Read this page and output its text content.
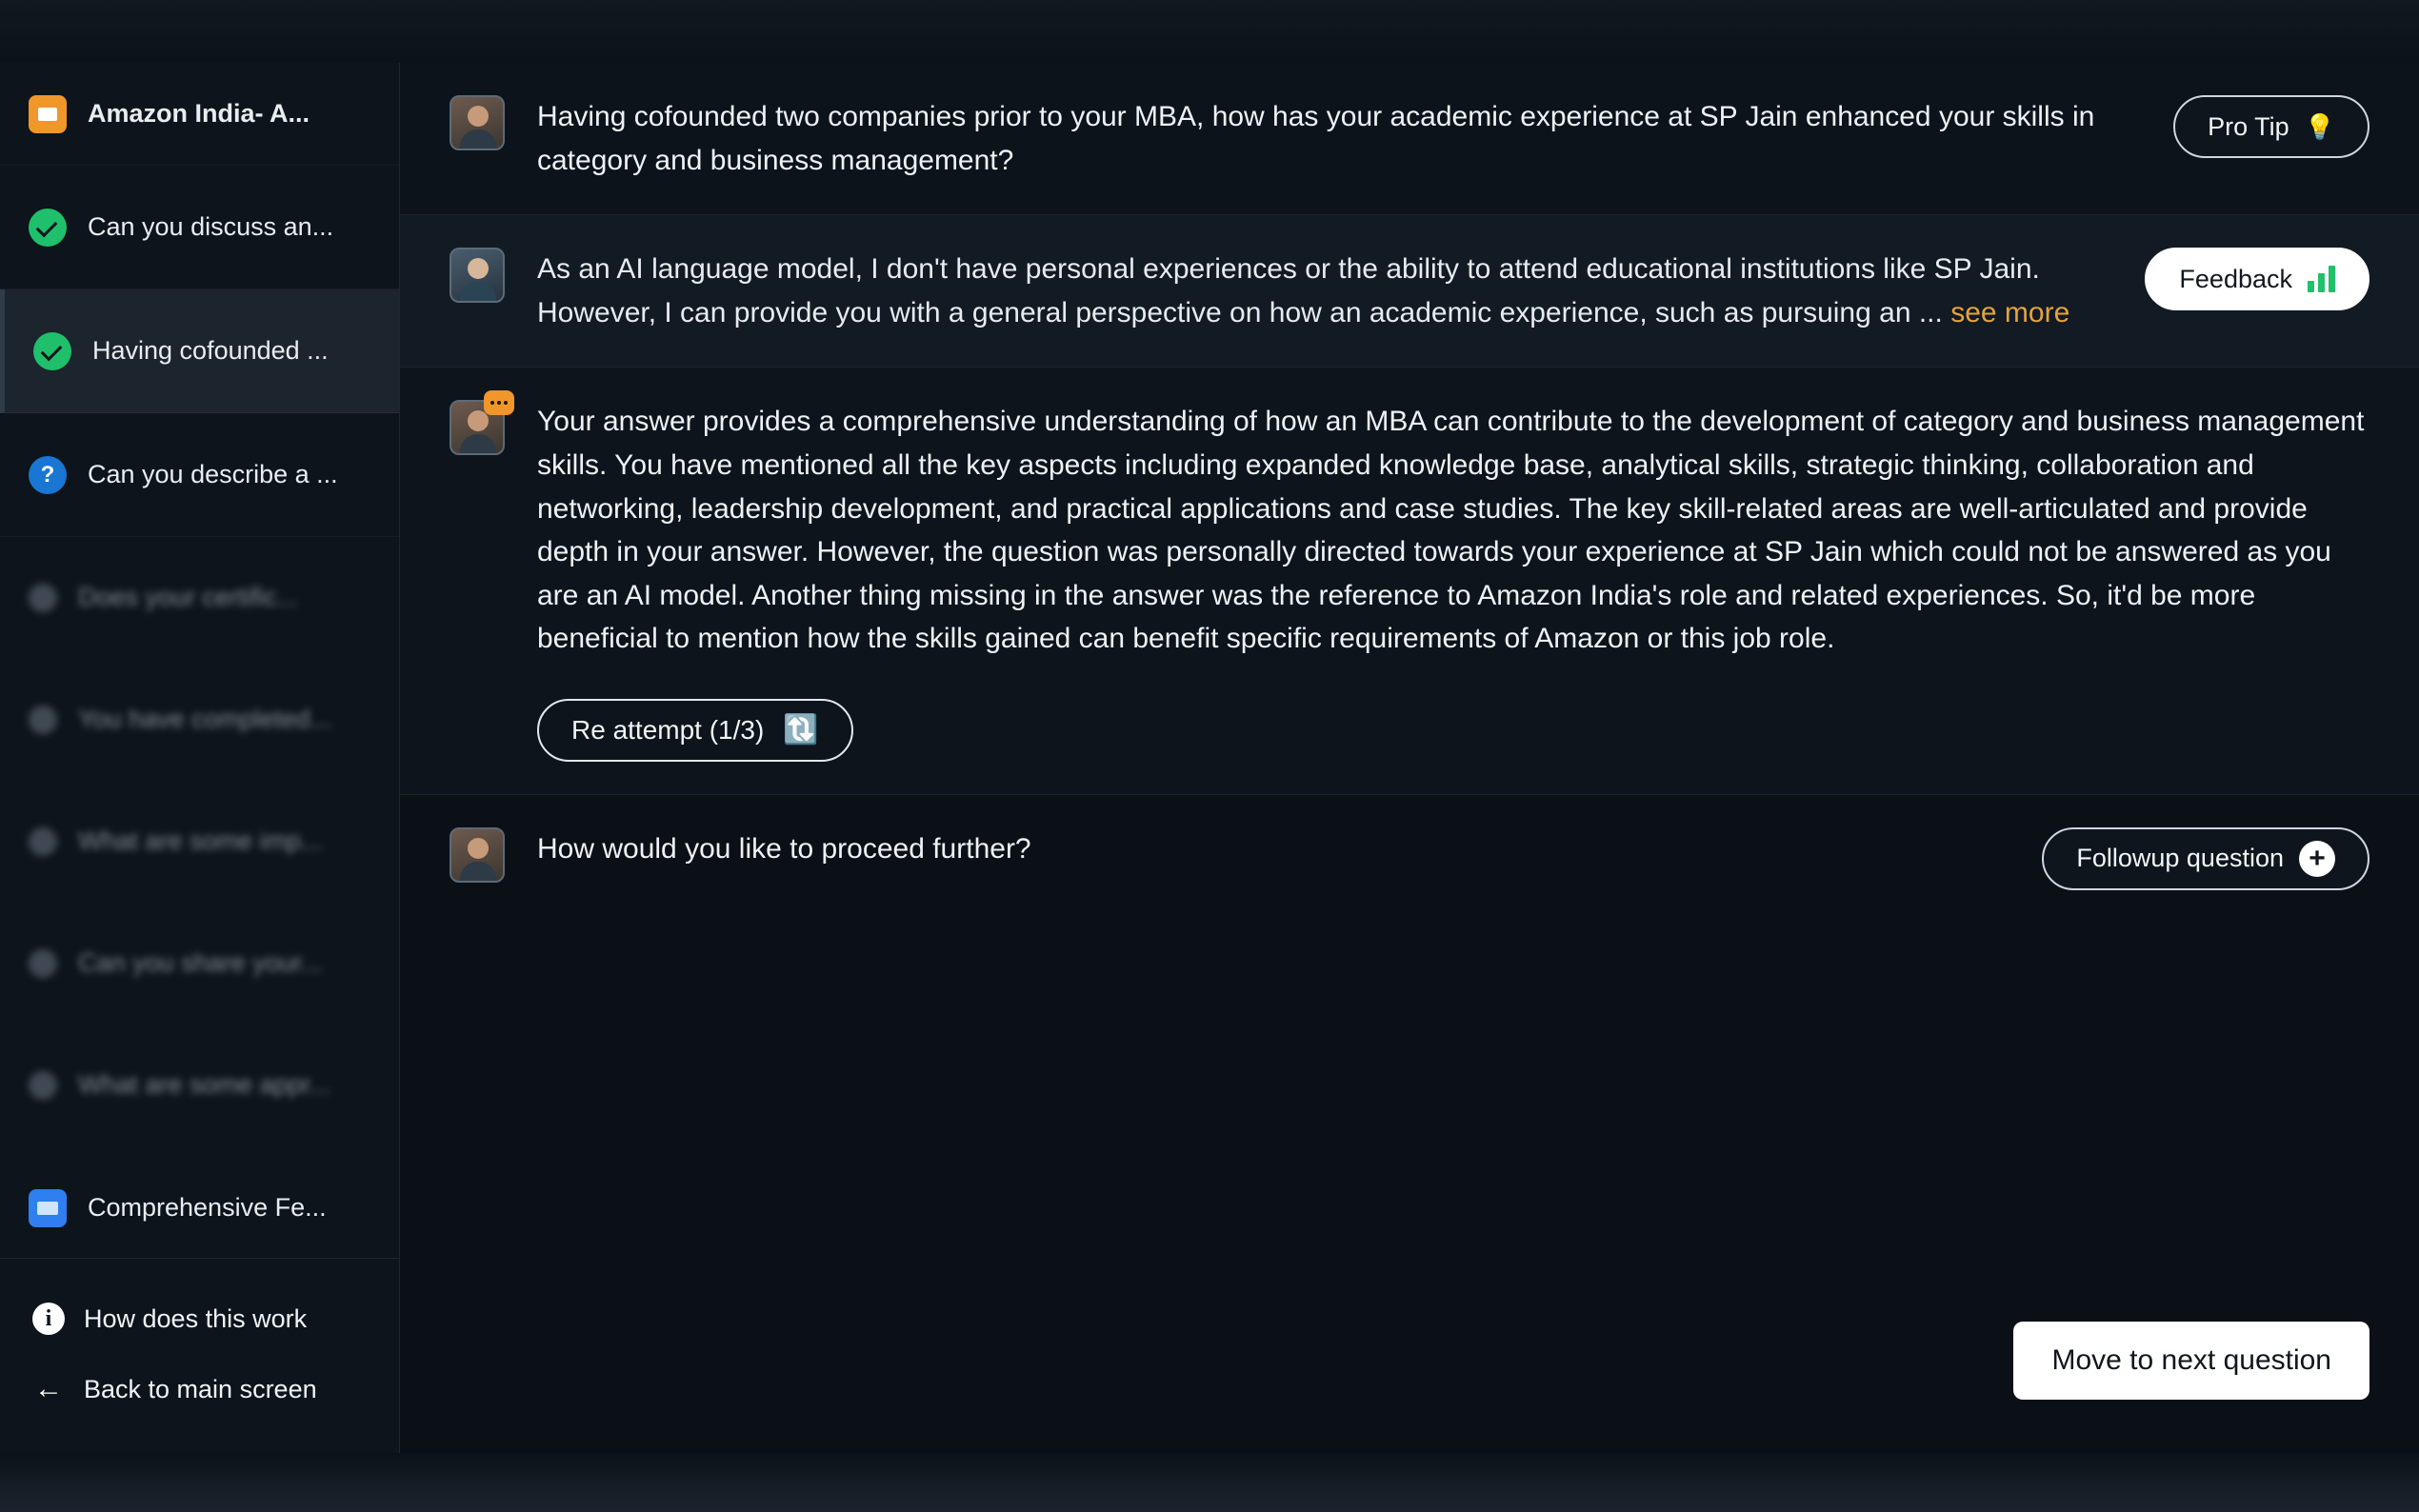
Amazon India- A...
Can you discuss an...
Having cofounded ...
?	Can you describe a ...
Does your certific...
You have completed...
What are some imp...
Can you share your...
What are some appr...
Comprehensive Fe...
i	How does this work
← Back to main screen
Having cofounded two companies prior to your MBA, how has your academic experience at SP Jain enhanced your skills in category and business management?
Pro Tip 💡
As an AI language model, I don't have personal experiences or the ability to attend educational institutions like SP Jain. However, I can provide you with a general perspective on how an academic experience, such as pursuing an ... see more
Feedback
Your answer provides a comprehensive understanding of how an MBA can contribute to the development of category and business management skills. You have mentioned all the key aspects including expanded knowledge base, analytical skills, strategic thinking, collaboration and networking, leadership development, and practical applications and case studies. The key skill-related areas are well-articulated and provide depth in your answer. However, the question was personally directed towards your experience at SP Jain which could not be answered as you are an AI model. Another thing missing in the answer was the reference to Amazon India's role and related experiences. So, it'd be more beneficial to mention how the skills gained can benefit specific requirements of Amazon or this job role.
Re attempt (1/3) 🔃
How would you like to proceed further?	Followup question +
Move to next question
